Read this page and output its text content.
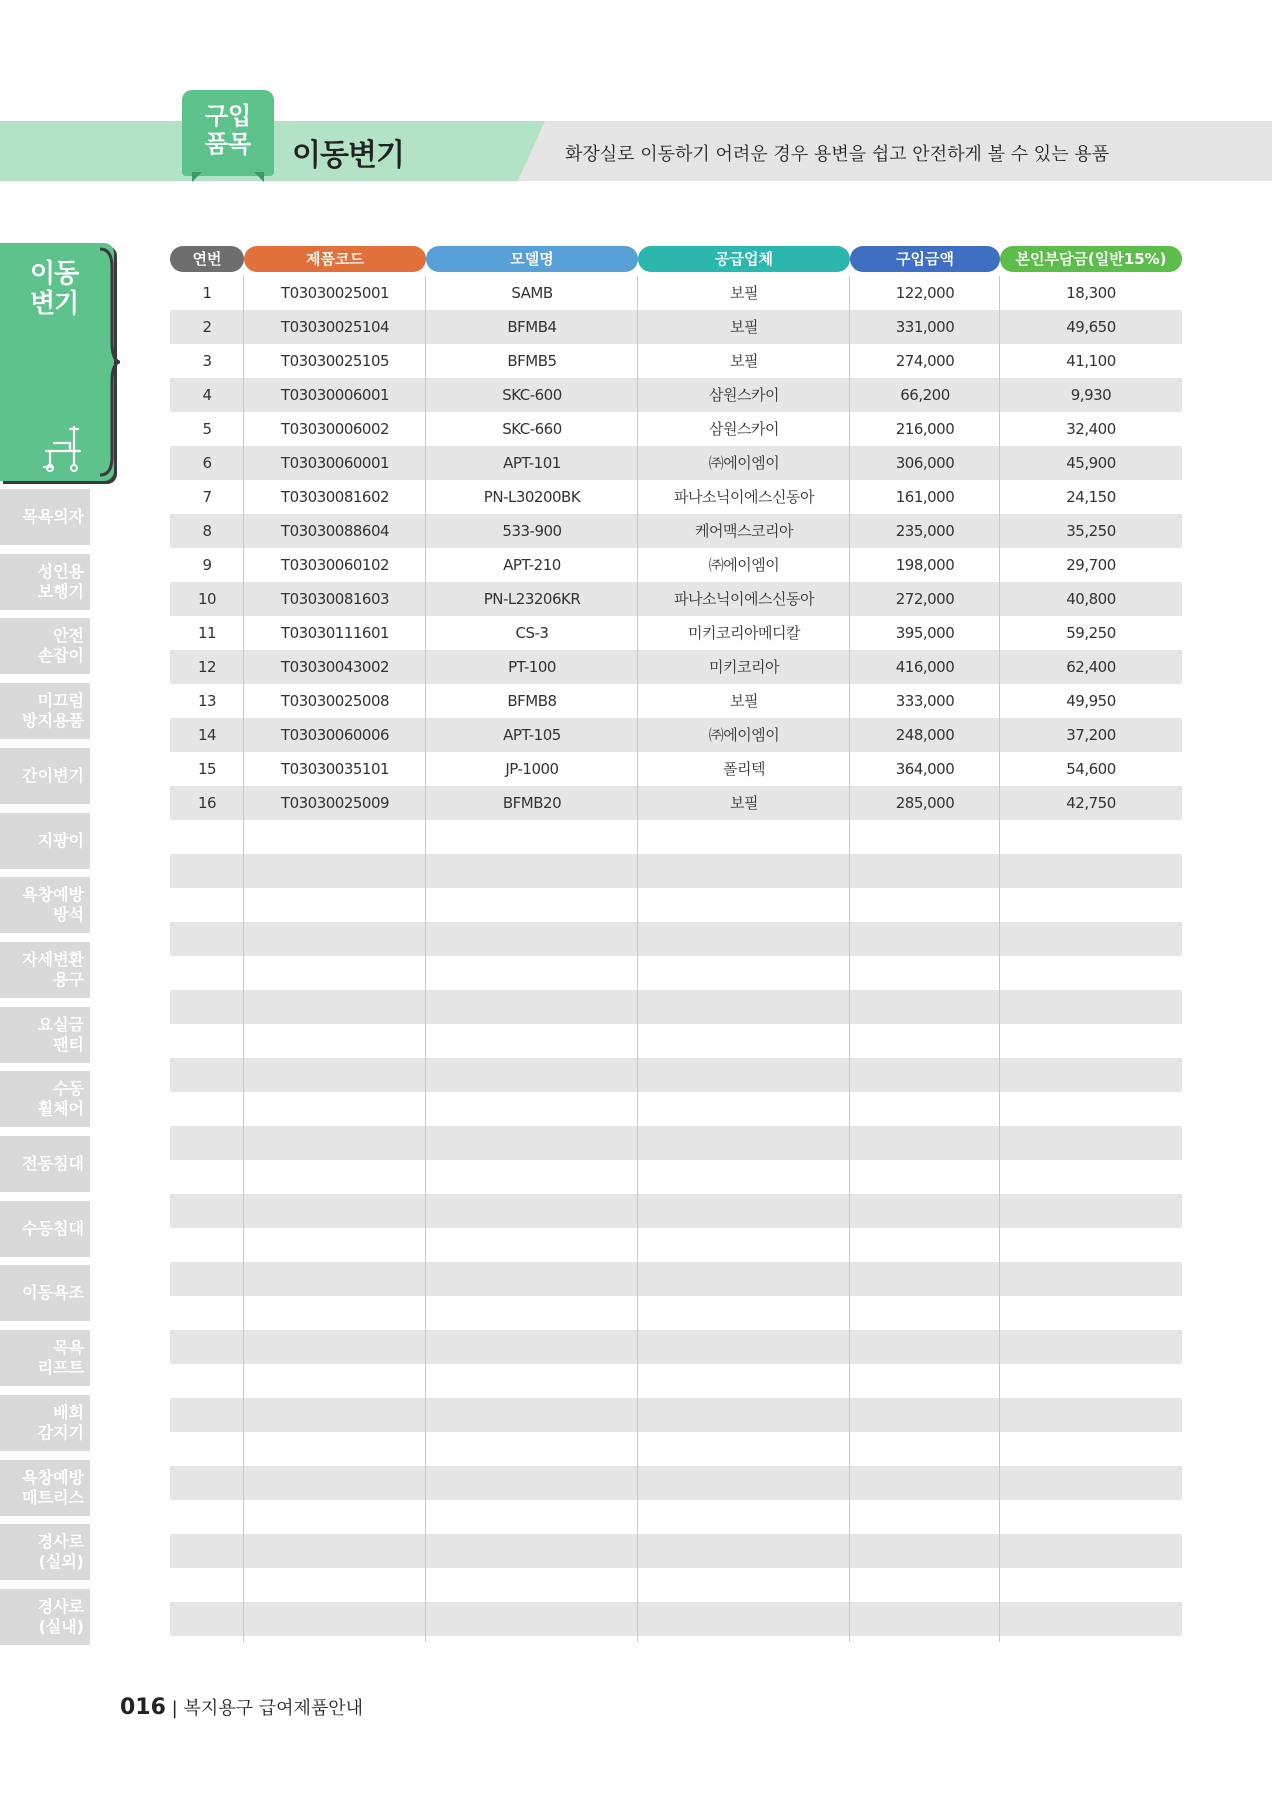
구입
품목	이동변기	화장실로 이동하기 어려운 경우 용변을 쉽고 안전하게 볼 수 있는 용품
이동
변기
목욕의자
성인용
보행기
안전
손잡이
미끄럼
방지용품
간이변기
지팡이
욕창예방
방석
자세변환
용구
요실금
팬티
수동
휠체어
전동침대
수동침대
이동욕조
목욕
리프트
배회
감지기
욕창예방
매트리스
경사로
(실외)
경사로
(실내)
연번	제품코드	모델명	공급업체	구입금액	본인부담금(일반15%)
1	T03030025001	SAMB	보필	122,000	18,300
2	T03030025104	BFMB4	보필	331,000	49,650
3	T03030025105	BFMB5	보필	274,000	41,100
4	T03030006001	SKC-600	삼원스카이	66,200	9,930
5	T03030006002	SKC-660	삼원스카이	216,000	32,400
6	T03030060001	APT-101	㈜에이엠이	306,000	45,900
7	T03030081602	PN-L30200BK	파나소닉이에스신동아	161,000	24,150
8	T03030088604	533-900	케어맥스코리아	235,000	35,250
9	T03030060102	APT-210	㈜에이엠이	198,000	29,700
10	T03030081603	PN-L23206KR	파나소닉이에스신동아	272,000	40,800
11	T03030111601	CS-3	미키코리아메디칼	395,000	59,250
12	T03030043002	PT-100	미키코리아	416,000	62,400
13	T03030025008	BFMB8	보필	333,000	49,950
14	T03030060006	APT-105	㈜에이엠이	248,000	37,200
15	T03030035101	JP-1000	폴리텍	364,000	54,600
16	T03030025009	BFMB20	보필	285,000	42,750
016 | 복지용구 급여제품안내
